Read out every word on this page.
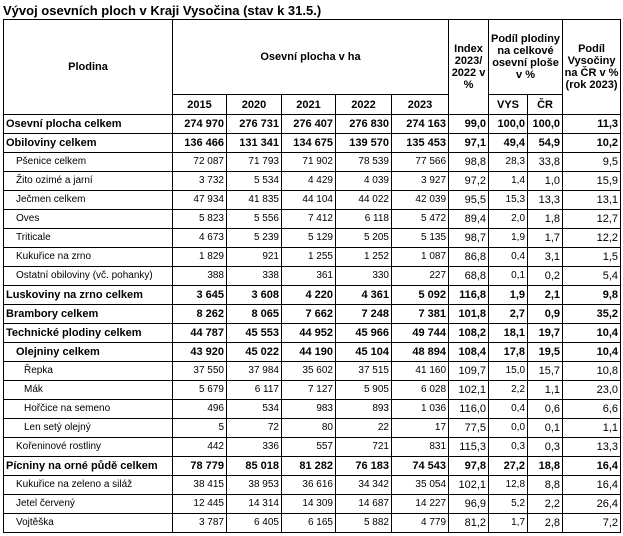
Vývoj osevních ploch v Kraji Vysočina (stav k 31.5.)
Plodina	Osevní plocha v ha					Index 2023/ 2022 v %	Podíl plodiny na celkové osevní ploše v %		Podíl Vysočiny na ČR v % (rok 2023)
	2015	2020	2021	2022	2023		VYS	ČR	
Osevní plocha celkem	274 970	276 731	276 407	276 830	274 163	99,0	100,0	100,0	11,3
Obiloviny celkem	136 466	131 341	134 675	139 570	135 453	97,1	49,4	54,9	10,2
Pšenice celkem	72 087	71 793	71 902	78 539	77 566	98,8	28,3	33,8	9,5
Žito ozimé a jarní	3 732	5 534	4 429	4 039	3 927	97,2	1,4	1,0	15,9
Ječmen celkem	47 934	41 835	44 104	44 022	42 039	95,5	15,3	13,3	13,1
Oves	5 823	5 556	7 412	6 118	5 472	89,4	2,0	1,8	12,7
Triticale	4 673	5 239	5 129	5 205	5 135	98,7	1,9	1,7	12,2
Kukuřice na zrno	1 829	921	1 255	1 252	1 087	86,8	0,4	3,1	1,5
Ostatní obiloviny (vč. pohanky)	388	338	361	330	227	68,8	0,1	0,2	5,4
Luskoviny na zrno celkem	3 645	3 608	4 220	4 361	5 092	116,8	1,9	2,1	9,8
Brambory celkem	8 262	8 065	7 662	7 248	7 381	101,8	2,7	0,9	35,2
Technické plodiny celkem	44 787	45 553	44 952	45 966	49 744	108,2	18,1	19,7	10,4
Olejniny celkem	43 920	45 022	44 190	45 104	48 894	108,4	17,8	19,5	10,4
Řepka	37 550	37 984	35 602	37 515	41 160	109,7	15,0	15,7	10,8
Mák	5 679	6 117	7 127	5 905	6 028	102,1	2,2	1,1	23,0
Hořčice na semeno	496	534	983	893	1 036	116,0	0,4	0,6	6,6
Len setý olejný	5	72	80	22	17	77,5	0,0	0,1	1,1
Kořeninové rostliny	442	336	557	721	831	115,3	0,3	0,3	13,3
Pícniny na orné půdě celkem	78 779	85 018	81 282	76 183	74 543	97,8	27,2	18,8	16,4
Kukuřice na zeleno a siláž	38 415	38 953	36 616	34 342	35 054	102,1	12,8	8,8	16,4
Jetel červený	12 445	14 314	14 309	14 687	14 227	96,9	5,2	2,2	26,4
Vojtěška	3 787	6 405	6 165	5 882	4 779	81,2	1,7	2,8	7,2
